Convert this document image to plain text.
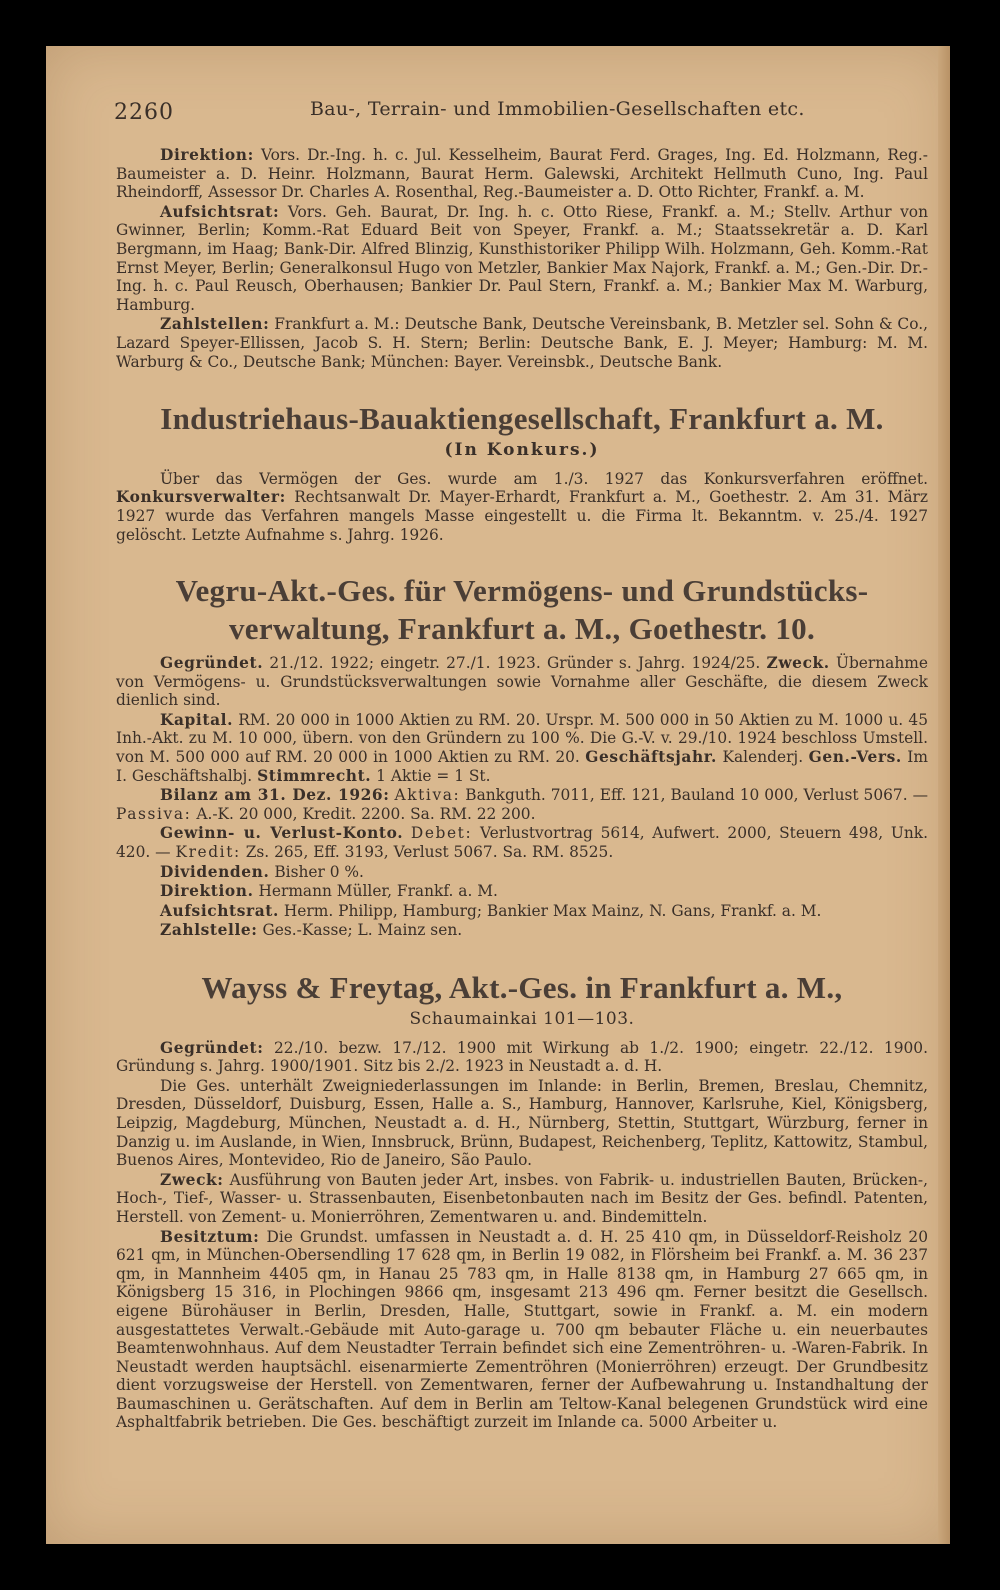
2260	Bau-, Terrain- und Immobilien-Gesellschaften etc.

Direktion: Vors. Dr.-Ing. h. c. Jul. Kesselheim, Baurat Ferd. Grages, Ing. Ed. Holzmann, Reg.-Baumeister a. D. Heinr. Holzmann, Baurat Herm. Galewski, Architekt Hellmuth Cuno, Ing. Paul Rheindorff, Assessor Dr. Charles A. Rosenthal, Reg.-Baumeister a. D. Otto Richter, Frankf. a. M.

Aufsichtsrat: Vors. Geh. Baurat, Dr. Ing. h. c. Otto Riese, Frankf. a. M.; Stellv. Arthur von Gwinner, Berlin; Komm.-Rat Eduard Beit von Speyer, Frankf. a. M.; Staatssekretär a. D. Karl Bergmann, im Haag; Bank-Dir. Alfred Blinzig, Kunsthistoriker Philipp Wilh. Holzmann, Geh. Komm.-Rat Ernst Meyer, Berlin; Generalkonsul Hugo von Metzler, Bankier Max Najork, Frankf. a. M.; Gen.-Dir. Dr.-Ing. h. c. Paul Reusch, Oberhausen; Bankier Dr. Paul Stern, Frankf. a. M.; Bankier Max M. Warburg, Hamburg.

Zahlstellen: Frankfurt a. M.: Deutsche Bank, Deutsche Vereinsbank, B. Metzler sel. Sohn & Co., Lazard Speyer-Ellissen, Jacob S. H. Stern; Berlin: Deutsche Bank, E. J. Meyer; Hamburg: M. M. Warburg & Co., Deutsche Bank; München: Bayer. Vereinsbk., Deutsche Bank.

Industriehaus-Bauaktiengesellschaft, Frankfurt a. M.
(In Konkurs.)

Über das Vermögen der Ges. wurde am 1./3. 1927 das Konkursverfahren eröffnet. Konkursverwalter: Rechtsanwalt Dr. Mayer-Erhardt, Frankfurt a. M., Goethestr. 2. Am 31. März 1927 wurde das Verfahren mangels Masse eingestellt u. die Firma lt. Bekanntm. v. 25./4. 1927 gelöscht. Letzte Aufnahme s. Jahrg. 1926.

Vegru-Akt.-Ges. für Vermögens- und Grundstücks-
verwaltung, Frankfurt a. M., Goethestr. 10.

Gegründet. 21./12. 1922; eingetr. 27./1. 1923. Gründer s. Jahrg. 1924/25. Zweck. Übernahme von Vermögens- u. Grundstücksverwaltungen sowie Vornahme aller Geschäfte, die diesem Zweck dienlich sind.

Kapital. RM. 20 000 in 1000 Aktien zu RM. 20. Urspr. M. 500 000 in 50 Aktien zu M. 1000 u. 45 Inh.-Akt. zu M. 10 000, übern. von den Gründern zu 100 %. Die G.-V. v. 29./10. 1924 beschloss Umstell. von M. 500 000 auf RM. 20 000 in 1000 Aktien zu RM. 20. Geschäftsjahr. Kalenderj. Gen.-Vers. Im I. Geschäftshalbj. Stimmrecht. 1 Aktie = 1 St.

Bilanz am 31. Dez. 1926: Aktiva: Bankguth. 7011, Eff. 121, Bauland 10 000, Verlust 5067. — Passiva: A.-K. 20 000, Kredit. 2200. Sa. RM. 22 200.

Gewinn- u. Verlust-Konto. Debet: Verlustvortrag 5614, Aufwert. 2000, Steuern 498, Unk. 420. — Kredit: Zs. 265, Eff. 3193, Verlust 5067. Sa. RM. 8525.

Dividenden. Bisher 0 %.

Direktion. Hermann Müller, Frankf. a. M.

Aufsichtsrat. Herm. Philipp, Hamburg; Bankier Max Mainz, N. Gans, Frankf. a. M.

Zahlstelle: Ges.-Kasse; L. Mainz sen.

Wayss & Freytag, Akt.-Ges. in Frankfurt a. M.,
Schaumainkai 101—103.

Gegründet: 22./10. bezw. 17./12. 1900 mit Wirkung ab 1./2. 1900; eingetr. 22./12. 1900. Gründung s. Jahrg. 1900/1901. Sitz bis 2./2. 1923 in Neustadt a. d. H.

Die Ges. unterhält Zweigniederlassungen im Inlande: in Berlin, Bremen, Breslau, Chemnitz, Dresden, Düsseldorf, Duisburg, Essen, Halle a. S., Hamburg, Hannover, Karlsruhe, Kiel, Königsberg, Leipzig, Magdeburg, München, Neustadt a. d. H., Nürnberg, Stettin, Stuttgart, Würzburg, ferner in Danzig u. im Auslande, in Wien, Innsbruck, Brünn, Budapest, Reichenberg, Teplitz, Kattowitz, Stambul, Buenos Aires, Montevideo, Rio de Janeiro, São Paulo.

Zweck: Ausführung von Bauten jeder Art, insbes. von Fabrik- u. industriellen Bauten, Brücken-, Hoch-, Tief-, Wasser- u. Strassenbauten, Eisenbetonbauten nach im Besitz der Ges. befindl. Patenten, Herstell. von Zement- u. Monierröhren, Zementwaren u. and. Bindemitteln.

Besitztum: Die Grundst. umfassen in Neustadt a. d. H. 25 410 qm, in Düsseldorf-Reisholz 20 621 qm, in München-Obersendling 17 628 qm, in Berlin 19 082, in Flörsheim bei Frankf. a. M. 36 237 qm, in Mannheim 4405 qm, in Hanau 25 783 qm, in Halle 8138 qm, in Hamburg 27 665 qm, in Königsberg 15 316, in Plochingen 9866 qm, insgesamt 213 496 qm. Ferner besitzt die Gesellsch. eigene Bürohäuser in Berlin, Dresden, Halle, Stuttgart, sowie in Frankf. a. M. ein modern ausgestattetes Verwalt.-Gebäude mit Auto-garage u. 700 qm bebauter Fläche u. ein neuerbautes Beamtenwohnhaus. Auf dem Neustadter Terrain befindet sich eine Zementröhren- u. -Waren-Fabrik. In Neustadt werden hauptsächl. eisenarmierte Zementröhren (Monierröhren) erzeugt. Der Grundbesitz dient vorzugsweise der Herstell. von Zementwaren, ferner der Aufbewahrung u. Instandhaltung der Baumaschinen u. Gerätschaften. Auf dem in Berlin am Teltow-Kanal belegenen Grundstück wird eine Asphaltfabrik betrieben. Die Ges. beschäftigt zurzeit im Inlande ca. 5000 Arbeiter u.
